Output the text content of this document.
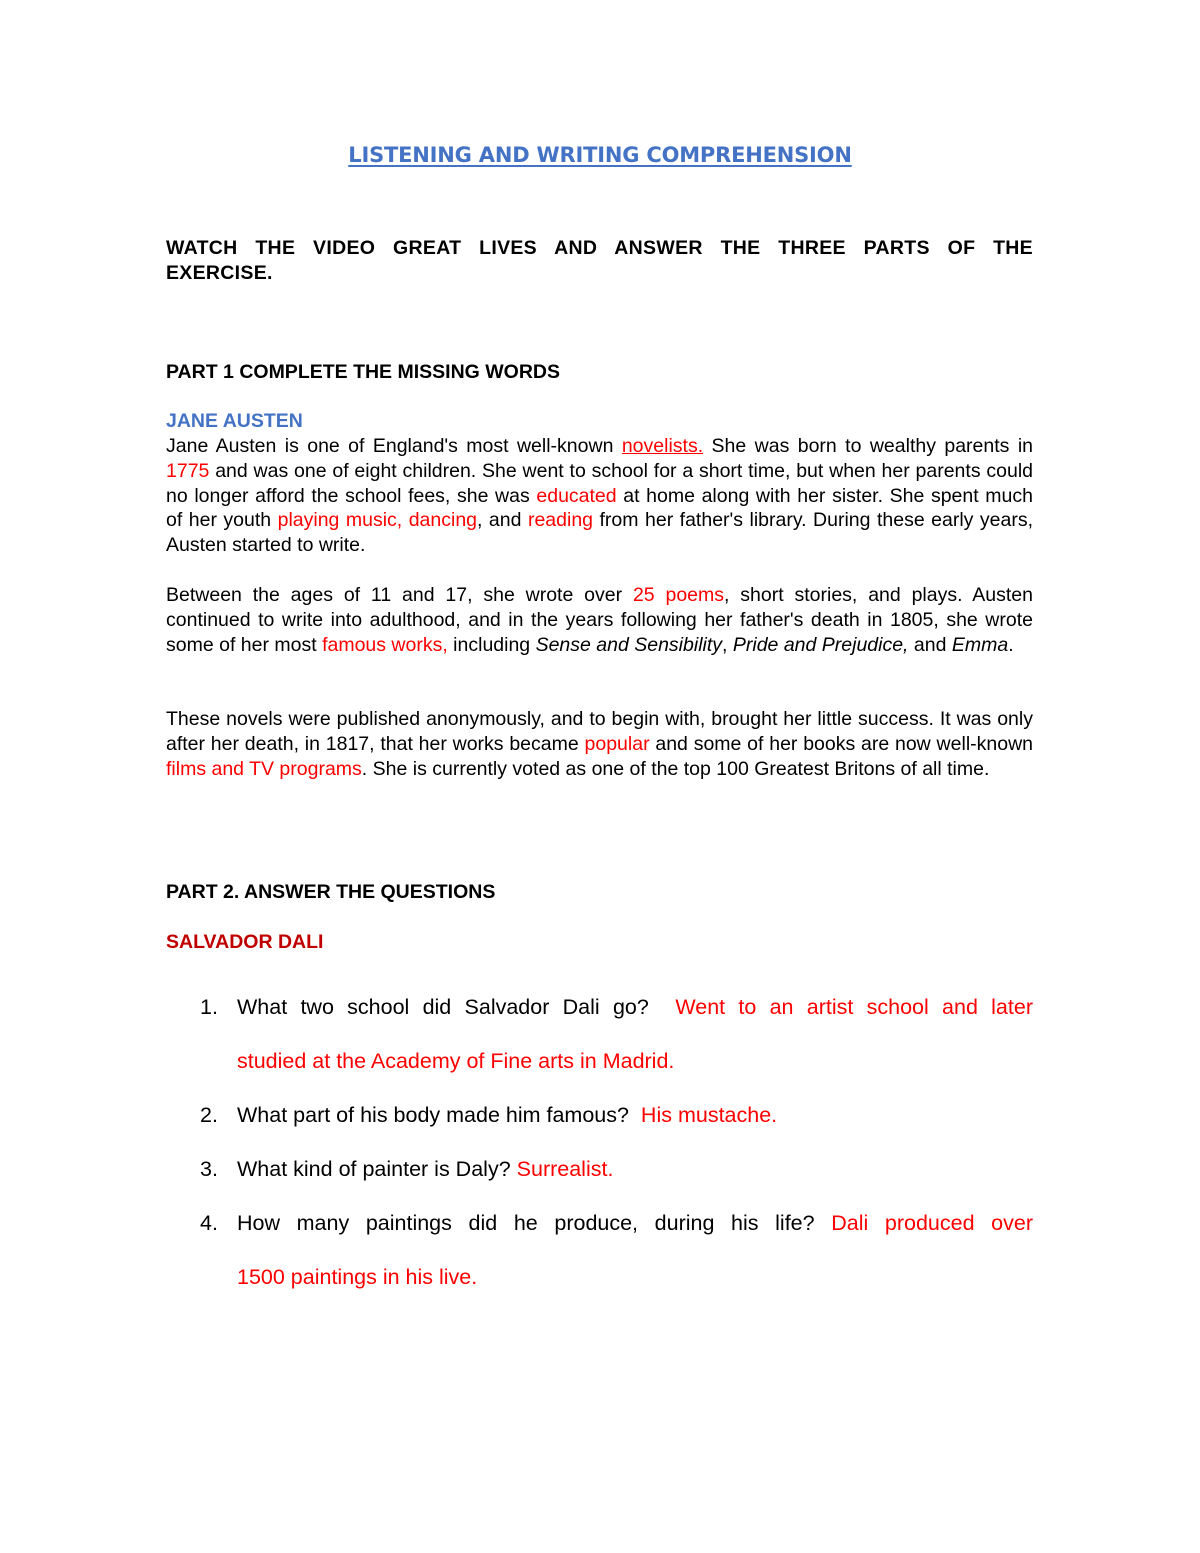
LISTENING AND WRITING COMPREHENSION
WATCH THE VIDEO GREAT LIVES AND ANSWER THE THREE PARTS OF THE
EXERCISE.
PART 1 COMPLETE THE MISSING WORDS
JANE AUSTEN
Jane Austen is one of England's most well-known novelists. She was born to wealthy parents in 1775 and was one of eight children. She went to school for a short time, but when her parents could no longer afford the school fees, she was educated at home along with her sister. She spent much of her youth playing music, dancing, and reading from her father's library. During these early years, Austen started to write.
Between the ages of 11 and 17, she wrote over 25 poems, short stories, and plays. Austen continued to write into adulthood, and in the years following her father's death in 1805, she wrote some of her most famous works, including Sense and Sensibility, Pride and Prejudice, and Emma.
These novels were published anonymously, and to begin with, brought her little success. It was only after her death, in 1817, that her works became popular and some of her books are now well-known films and TV programs. She is currently voted as one of the top 100 Greatest Britons of all time.
PART 2. ANSWER THE QUESTIONS
SALVADOR DALI
1. What two school did Salvador Dali go? Went to an artist school and later
studied at the Academy of Fine arts in Madrid.
2. What part of his body made him famous? His mustache.
3. What kind of painter is Daly? Surrealist.
4. How many paintings did he produce, during his life? Dali produced over
1500 paintings in his live.
